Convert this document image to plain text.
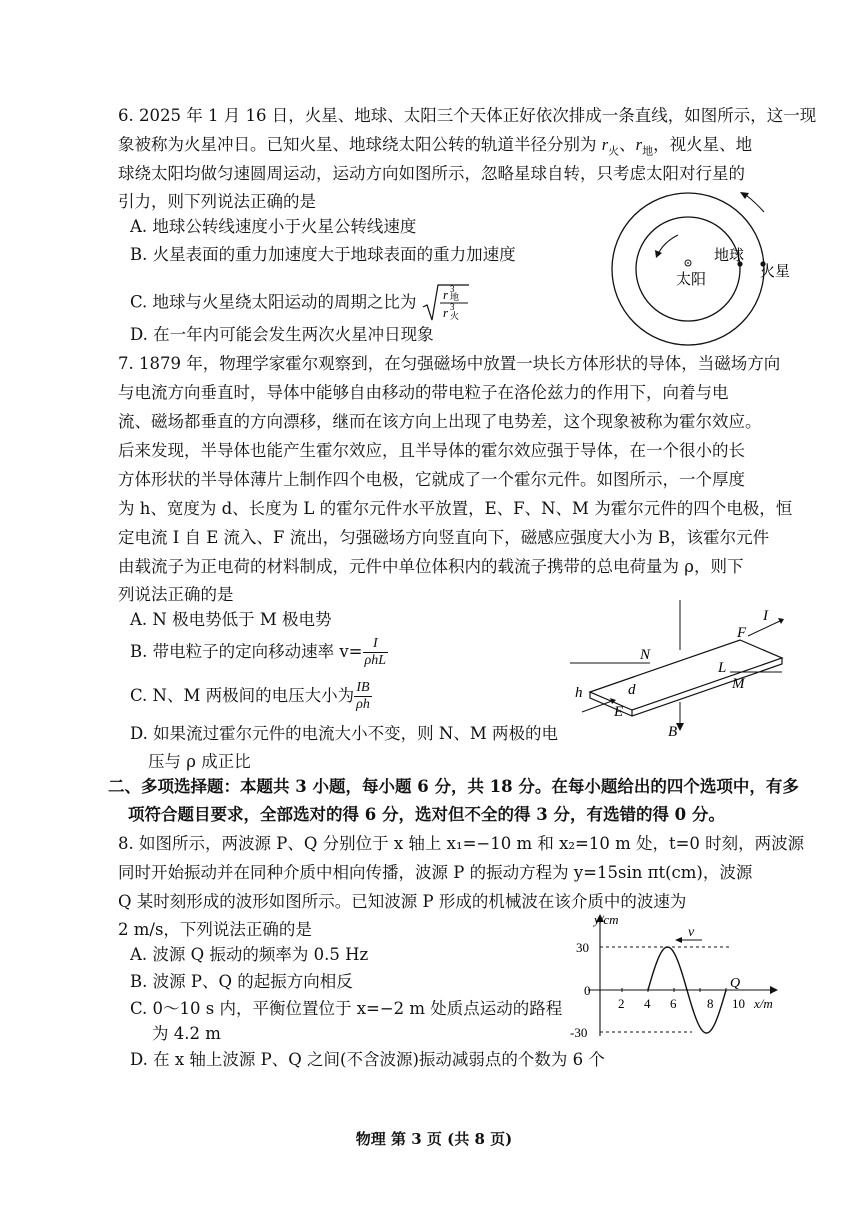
6. 2025 年 1 月 16 日，火星、地球、太阳三个天体正好依次排成一条直线，如图所示，这一现
象被称为火星冲日。已知火星、地球绕太阳公转的轨道半径分别为 $r_火$、$r_地$，视火星、地
球绕太阳均做匀速圆周运动，运动方向如图所示，忽略星球自转，只考虑太阳对行星的
引力，则下列说法正确的是
A. 地球公转线速度小于火星公转线速度
B. 火星表面的重力加速度大于地球表面的重力加速度
C. 地球与火星绕太阳运动的周期之比为 r 3
地
r 3
火
D. 在一年内可能会发生两次火星冲日现象
太阳
地球
火星
7. 1879 年，物理学家霍尔观察到，在匀强磁场中放置一块长方体形状的导体，当磁场方向
与电流方向垂直时，导体中能够自由移动的带电粒子在洛伦兹力的作用下，向着与电
流、磁场都垂直的方向漂移，继而在该方向上出现了电势差，这个现象被称为霍尔效应。
后来发现，半导体也能产生霍尔效应，且半导体的霍尔效应强于导体，在一个很小的长
方体形状的半导体薄片上制作四个电极，它就成了一个霍尔元件。如图所示，一个厚度
为 h、宽度为 d、长度为 L 的霍尔元件水平放置，E、F、N、M 为霍尔元件的四个电极，恒
定电流 I 自 E 流入、F 流出，匀强磁场方向竖直向下，磁感应强度大小为 B，该霍尔元件
由载流子为正电荷的材料制成，元件中单位体积内的载流子携带的总电荷量为 ρ，则下
列说法正确的是
A. N 极电势低于 M 极电势
B. 带电粒子的定向移动速率 $v= \frac{I}{\text{ρhL}}$
C. N、M 两极间的电压大小为 $\frac{IB}{\rho h}$
D. 如果流过霍尔元件的电流大小不变，则 N、M 两极的电
压与 ρ 成正比
N
F
I
L
M
h	d
E
B
二、多项选择题：本题共 3 小题，每小题 6 分，共 18 分。在每小题给出的四个选项中，有多
项符合题目要求，全部选对的得 6 分，选对但不全的得 3 分，有选错的得 0 分。
8. 如图所示，两波源 P、Q 分别位于 x 轴上 x₁=−10 m 和 x₂=10 m 处，t=0 时刻，两波源
同时开始振动并在同种介质中相向传播，波源 P 的振动方程为 y=15sin πt(cm)，波源
Q 某时刻形成的波形如图所示。已知波源 P 形成的机械波在该介质中的波速为
2 m/s，下列说法正确的是
A. 波源 Q 振动的频率为 0.5 Hz
B. 波源 P、Q 的起振方向相反
C. 0～10 s 内，平衡位置位于 x=−2 m 处质点运动的路程
为 4.2 m
D. 在 x 轴上波源 P、Q 之间(不含波源)振动减弱点的个数为 6 个
v
y/cm
x/m
Q
30
0
-30
2 4 6 8 10
物理 第 3 页 (共 8 页)
